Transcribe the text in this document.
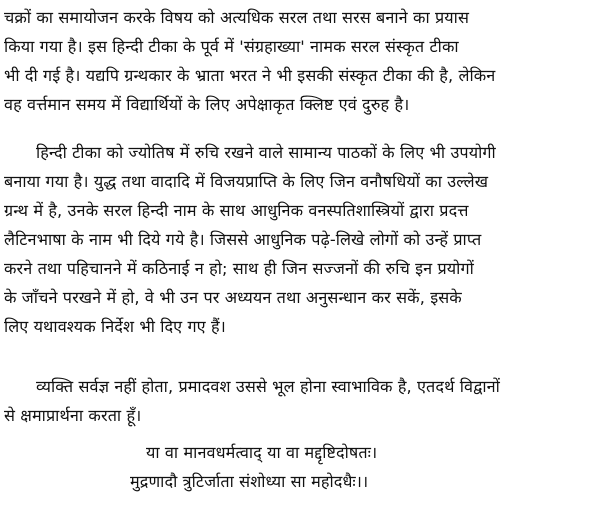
चक्रों का समायोजन करके विषय को अत्यधिक सरल तथा सरस बनाने का प्रयास
किया गया है। इस हिन्दी टीका के पूर्व में 'संग्रहाख्या' नामक सरल संस्कृत टीका
भी दी गई है। यद्यपि ग्रन्थकार के भ्राता भरत ने भी इसकी संस्कृत टीका की है, लेकिन
वह वर्त्तमान समय में विद्यार्थियों के लिए अपेक्षाकृत क्लिष्ट एवं दुरुह है।
हिन्दी टीका को ज्योतिष में रुचि रखने वाले सामान्य पाठकों के लिए भी उपयोगी
बनाया गया है। युद्ध तथा वादादि में विजयप्राप्ति के लिए जिन वनौषधियों का उल्लेख
ग्रन्थ में है, उनके सरल हिन्दी नाम के साथ आधुनिक वनस्पतिशास्त्रियों द्वारा प्रदत्त
लैटिनभाषा के नाम भी दिये गये है। जिससे आधुनिक पढ़े-लिखे लोगों को उन्हें प्राप्त
करने तथा पहिचानने में कठिनाई न हो; साथ ही जिन सज्जनों की रुचि इन प्रयोगों
के जाँचने परखने में हो, वे भी उन पर अध्ययन तथा अनुसन्धान कर सकें, इसके
लिए यथावश्यक निर्देश भी दिए गए हैं।
व्यक्ति सर्वज्ञ नहीं होता, प्रमादवश उससे भूल होना स्वाभाविक है, एतदर्थ विद्वानों
से क्षमाप्रार्थना करता हूँ।
या वा मानवधर्मत्वाद् या वा मद्दृष्टिदोषतः।
मुद्रणादौ त्रुटिर्जाता संशोध्या सा महोदधैः।।
